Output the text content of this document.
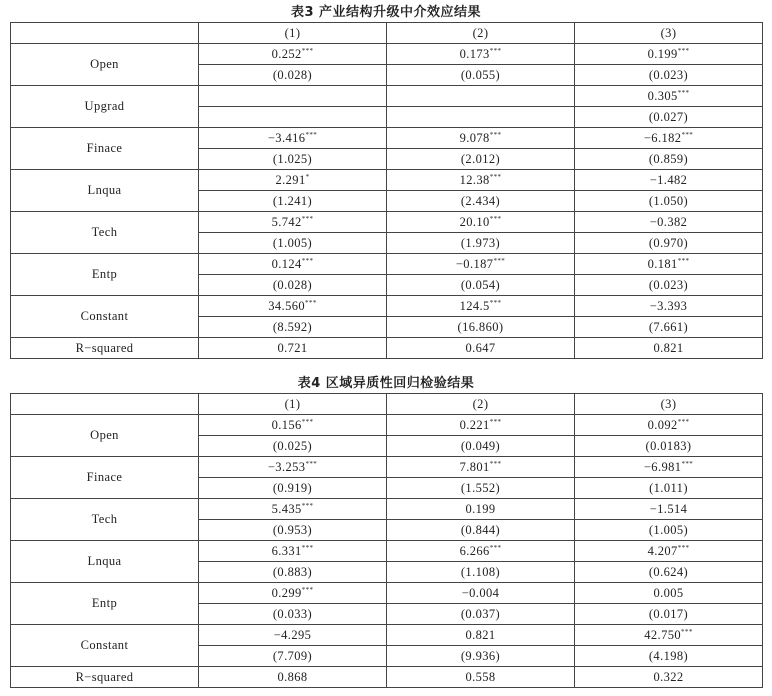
表3 产业结构升级中介效应结果
	(1)	(2)	(3)
Open	0.252***	0.173***	0.199***
	(0.028)	(0.055)	(0.023)
Upgrad			0.305***
			(0.027)
Finace	−3.416***	9.078***	−6.182***
	(1.025)	(2.012)	(0.859)
Lnqua	2.291*	12.38***	−1.482
	(1.241)	(2.434)	(1.050)
Tech	5.742***	20.10***	−0.382
	(1.005)	(1.973)	(0.970)
Entp	0.124***	−0.187***	0.181***
	(0.028)	(0.054)	(0.023)
Constant	34.560***	124.5***	−3.393
	(8.592)	(16.860)	(7.661)
R−squared	0.721	0.647	0.821
表4 区域异质性回归检验结果
	(1)	(2)	(3)
Open	0.156***	0.221***	0.092***
	(0.025)	(0.049)	(0.0183)
Finace	−3.253***	7.801***	−6.981***
	(0.919)	(1.552)	(1.011)
Tech	5.435***	0.199	−1.514
	(0.953)	(0.844)	(1.005)
Lnqua	6.331***	6.266***	4.207***
	(0.883)	(1.108)	(0.624)
Entp	0.299***	−0.004	0.005
	(0.033)	(0.037)	(0.017)
Constant	−4.295	0.821	42.750***
	(7.709)	(9.936)	(4.198)
R−squared	0.868	0.558	0.322
